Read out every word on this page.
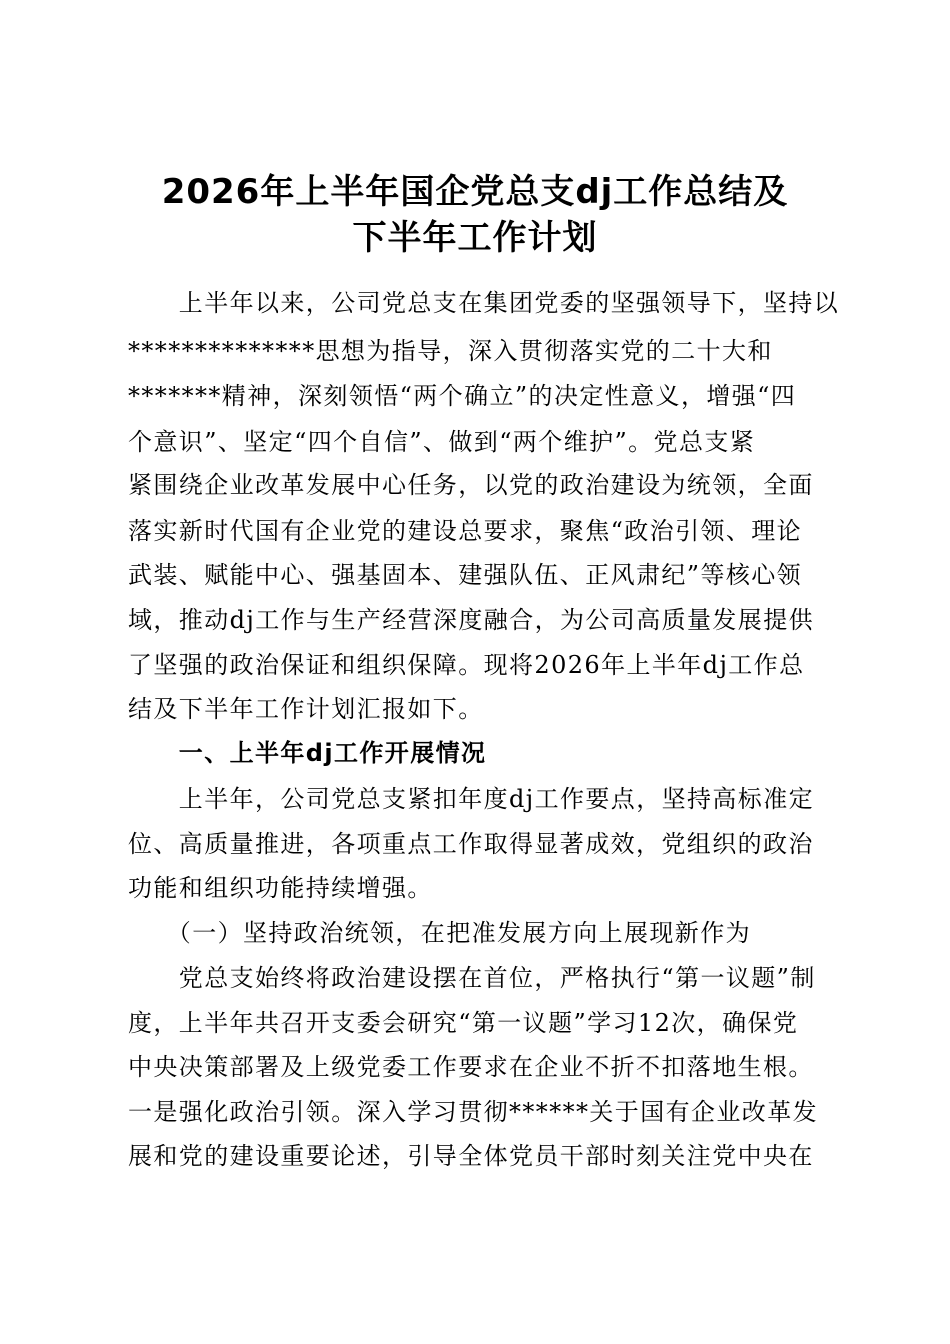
2026年上半年国企党总支dj工作总结及
下半年工作计划
　　上半年以来，公司党总支在集团党委的坚强领导下，坚持以
**************思想为指导，深入贯彻落实党的二十大和
*******精神，深刻领悟“两个确立”的决定性意义，增强“四
个意识”、坚定“四个自信”、做到“两个维护”。党总支紧
紧围绕企业改革发展中心任务，以党的政治建设为统领，全面
落实新时代国有企业党的建设总要求，聚焦“政治引领、理论
武装、赋能中心、强基固本、建强队伍、正风肃纪”等核心领
域，推动dj工作与生产经营深度融合，为公司高质量发展提供
了坚强的政治保证和组织保障。现将2026年上半年dj工作总
结及下半年工作计划汇报如下。
　　一、上半年dj工作开展情况
　　上半年，公司党总支紧扣年度dj工作要点，坚持高标准定
位、高质量推进，各项重点工作取得显著成效，党组织的政治
功能和组织功能持续增强。
　　（一）坚持政治统领，在把准发展方向上展现新作为
　　党总支始终将政治建设摆在首位，严格执行“第一议题”制
度，上半年共召开支委会研究“第一议题”学习12次，确保党
中央决策部署及上级党委工作要求在企业不折不扣落地生根。
一是强化政治引领。深入学习贯彻******关于国有企业改革发
展和党的建设重要论述，引导全体党员干部时刻关注党中央在
